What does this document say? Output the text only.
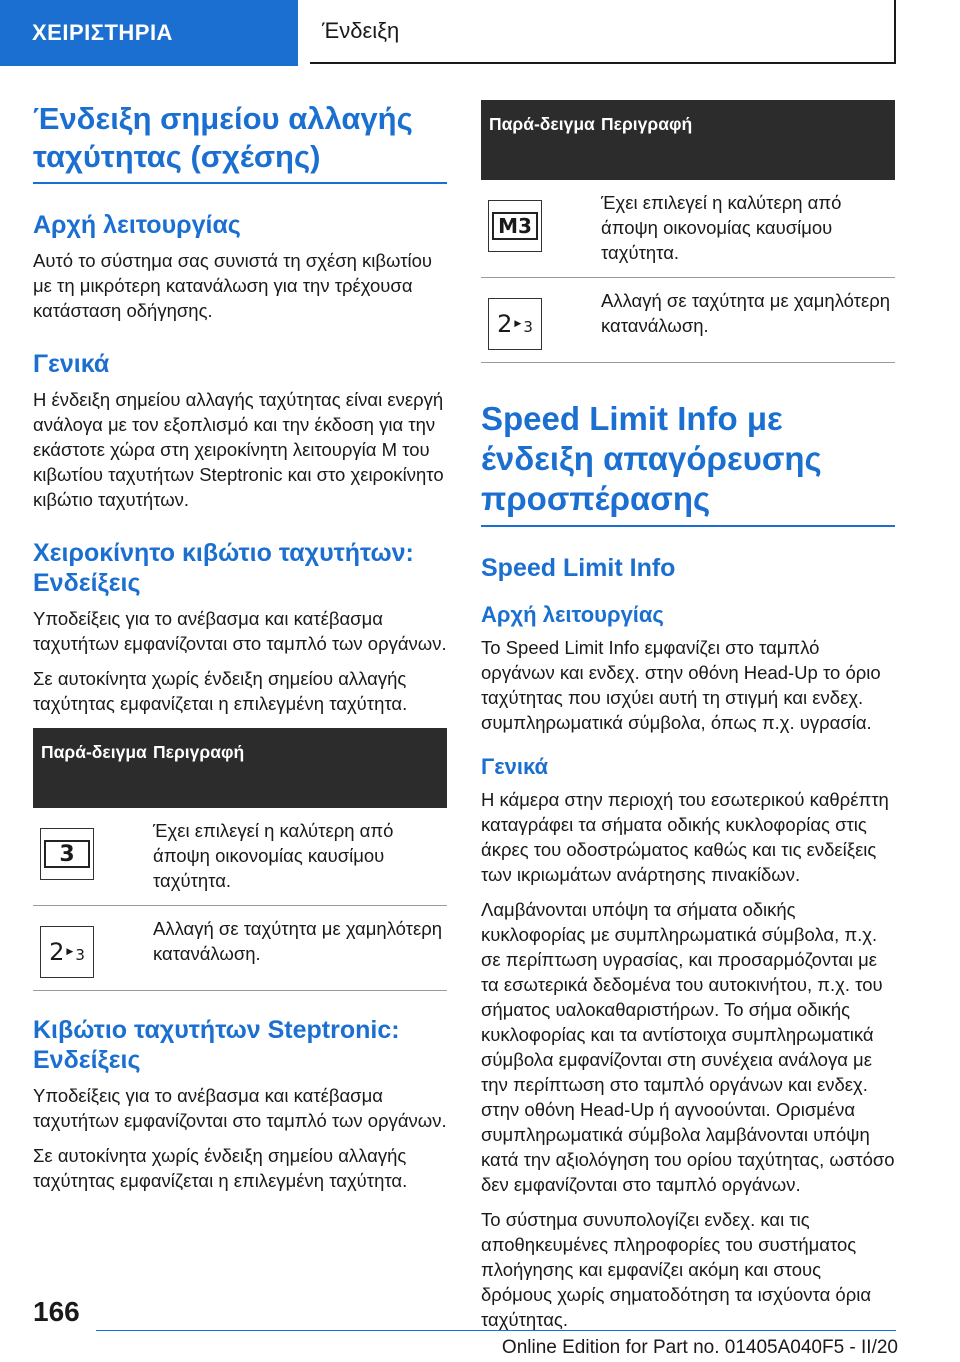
ΧΕΙΡΙΣΤΗΡΙΑ	Ένδειξη
Ένδειξη σημείου αλλαγής ταχύτητας (σχέσης)
Αρχή λειτουργίας

Αυτό το σύστημα σας συνιστά τη σχέση κιβωτίου με τη μικρότερη κατανάλωση για την τρέχουσα κατάσταση οδήγησης.

Γενικά

Η ένδειξη σημείου αλλαγής ταχύτητας είναι ενεργή ανάλογα με τον εξοπλισμό και την έκδοση για την εκάστοτε χώρα στη χειροκίνητη λειτουργία M του κιβωτίου ταχυτήτων Steptronic και στο χειροκίνητο κιβώτιο ταχυτήτων.

Χειροκίνητο κιβώτιο ταχυτήτων: Ενδείξεις

Υποδείξεις για το ανέβασμα και κατέβασμα ταχυτήτων εμφανίζονται στο ταμπλό των οργάνων.

Σε αυτοκίνητα χωρίς ένδειξη σημείου αλλαγής ταχύτητας εμφανίζεται η επιλεγμένη ταχύτητα.

Παρά-δειγμα Περιγραφή
3
Έχει επιλεγεί η καλύτερη από άποψη οικονομίας καυσίμου ταχύτητα.
2 ▶ 3
Αλλαγή σε ταχύτητα με χαμηλότερη κατανάλωση.
Κιβώτιο ταχυτήτων Steptronic: Ενδείξεις

Υποδείξεις για το ανέβασμα και κατέβασμα ταχυτήτων εμφανίζονται στο ταμπλό των οργάνων.

Σε αυτοκίνητα χωρίς ένδειξη σημείου αλλαγής ταχύτητας εμφανίζεται η επιλεγμένη ταχύτητα.

Παρά-δειγμα Περιγραφή
M3
Έχει επιλεγεί η καλύτερη από άποψη οικονομίας καυσίμου ταχύτητα.
2 ▶ 3
Αλλαγή σε ταχύτητα με χαμηλότερη κατανάλωση.
Speed Limit Info με ένδειξη απαγόρευσης προσπέρασης
Speed Limit Info
Αρχή λειτουργίας

Το Speed Limit Info εμφανίζει στο ταμπλό οργάνων και ενδεχ. στην οθόνη Head-Up το όριο ταχύτητας που ισχύει αυτή τη στιγμή και ενδεχ. συμπληρωματικά σύμβολα, όπως π.χ. υγρασία.

Γενικά

Η κάμερα στην περιοχή του εσωτερικού καθρέπτη καταγράφει τα σήματα οδικής κυκλοφορίας στις άκρες του οδοστρώματος καθώς και τις ενδείξεις των ικριωμάτων ανάρτησης πινακίδων.

Λαμβάνονται υπόψη τα σήματα οδικής κυκλοφορίας με συμπληρωματικά σύμβολα, π.χ. σε περίπτωση υγρασίας, και προσαρμόζονται με τα εσωτερικά δεδομένα του αυτοκινήτου, π.χ. του σήματος υαλοκαθαριστήρων. Το σήμα οδικής κυκλοφορίας και τα αντίστοιχα συμπληρωματικά σύμβολα εμφανίζονται στη συνέχεια ανάλογα με την περίπτωση στο ταμπλό οργάνων και ενδεχ. στην οθόνη Head-Up ή αγνοούνται. Ορισμένα συμπληρωματικά σύμβολα λαμβάνονται υπόψη κατά την αξιολόγηση του ορίου ταχύτητας, ωστόσο δεν εμφανίζονται στο ταμπλό οργάνων.

Το σύστημα συνυπολογίζει ενδεχ. και τις αποθηκευμένες πληροφορίες του συστήματος πλοήγησης και εμφανίζει ακόμη και στους δρόμους χωρίς σηματοδότηση τα ισχύοντα όρια ταχύτητας.

166
Online Edition for Part no. 01405A040F5 - II/20
